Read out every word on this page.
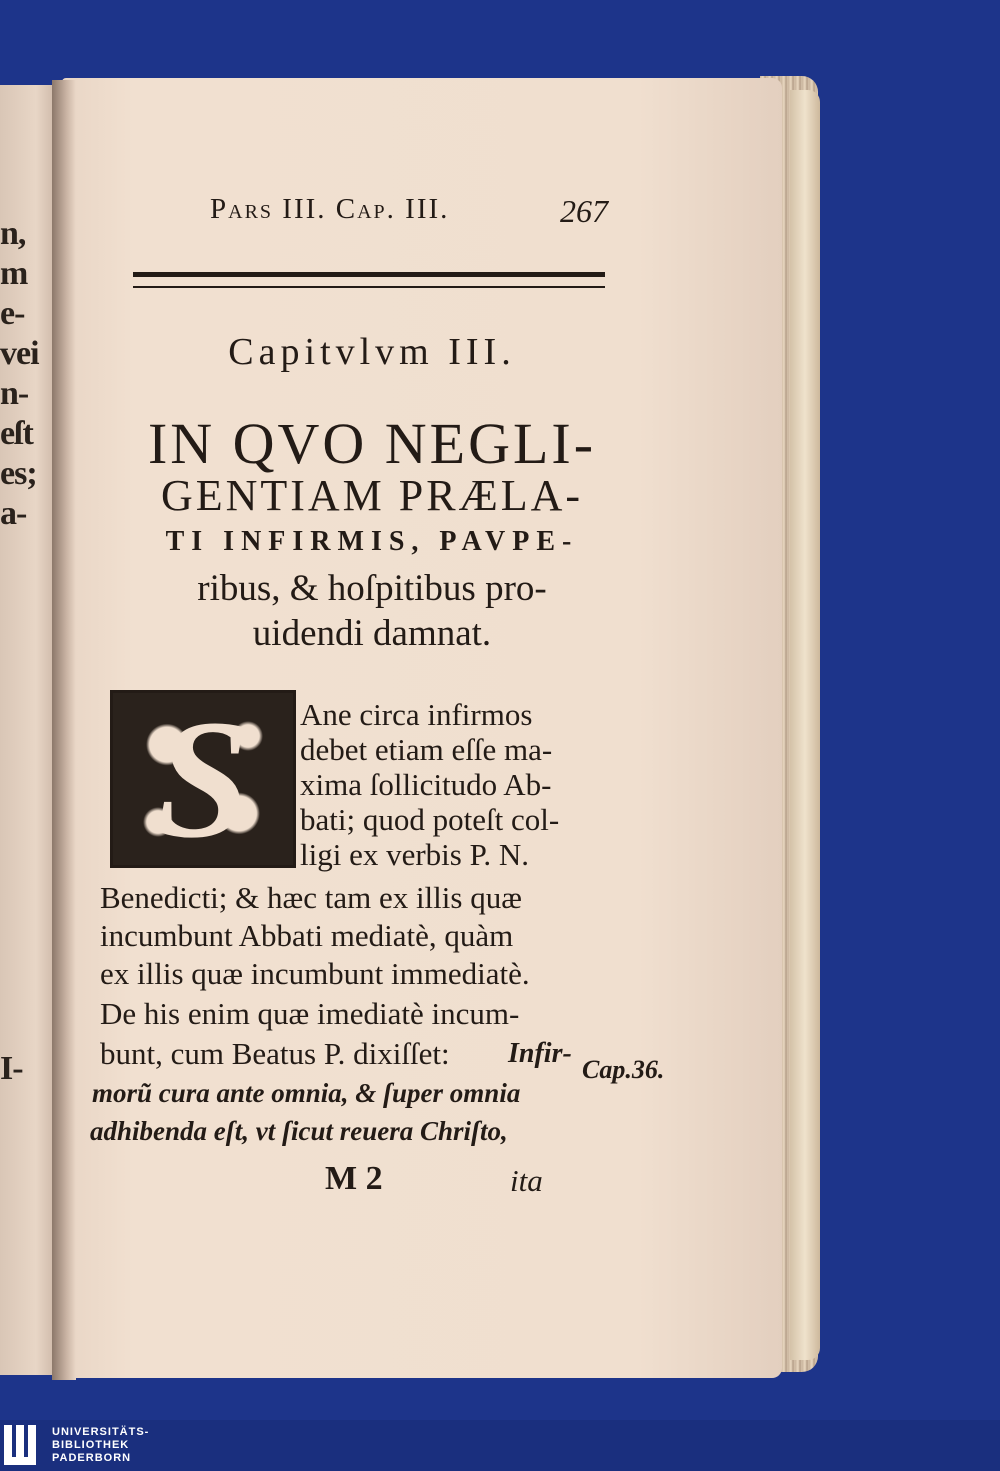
n,
m
e-
vei
n-
eſt
es;
a-
I-
Pars III. Cap. III.	267
Capitvlvm III.
IN QVO NEGLI-
GENTIAM PRÆLA-
TI INFIRMIS, PAVPE-
ribus, & hoſpitibus pro-
uidendi damnat.
S	Ane circa infirmos
debet etiam eſſe ma-
xima ſollicitudo Ab-
bati; quod poteſt col-
ligi ex verbis P. N.
Benedicti; & hæc tam ex illis quæ
incumbunt Abbati mediatè, quàm
ex illis quæ incumbunt immediatè.
De his enim quæ imediatè incum-
bunt, cum Beatus P. dixiſſet: Infir-
morũ cura ante omnia, & ſuper omnia
adhibenda eſt, vt ſicut reuera Chriſto,
Cap.36.
M 2	ita
UNIVERSITÄTS-
BIBLIOTHEK
PADERBORN
